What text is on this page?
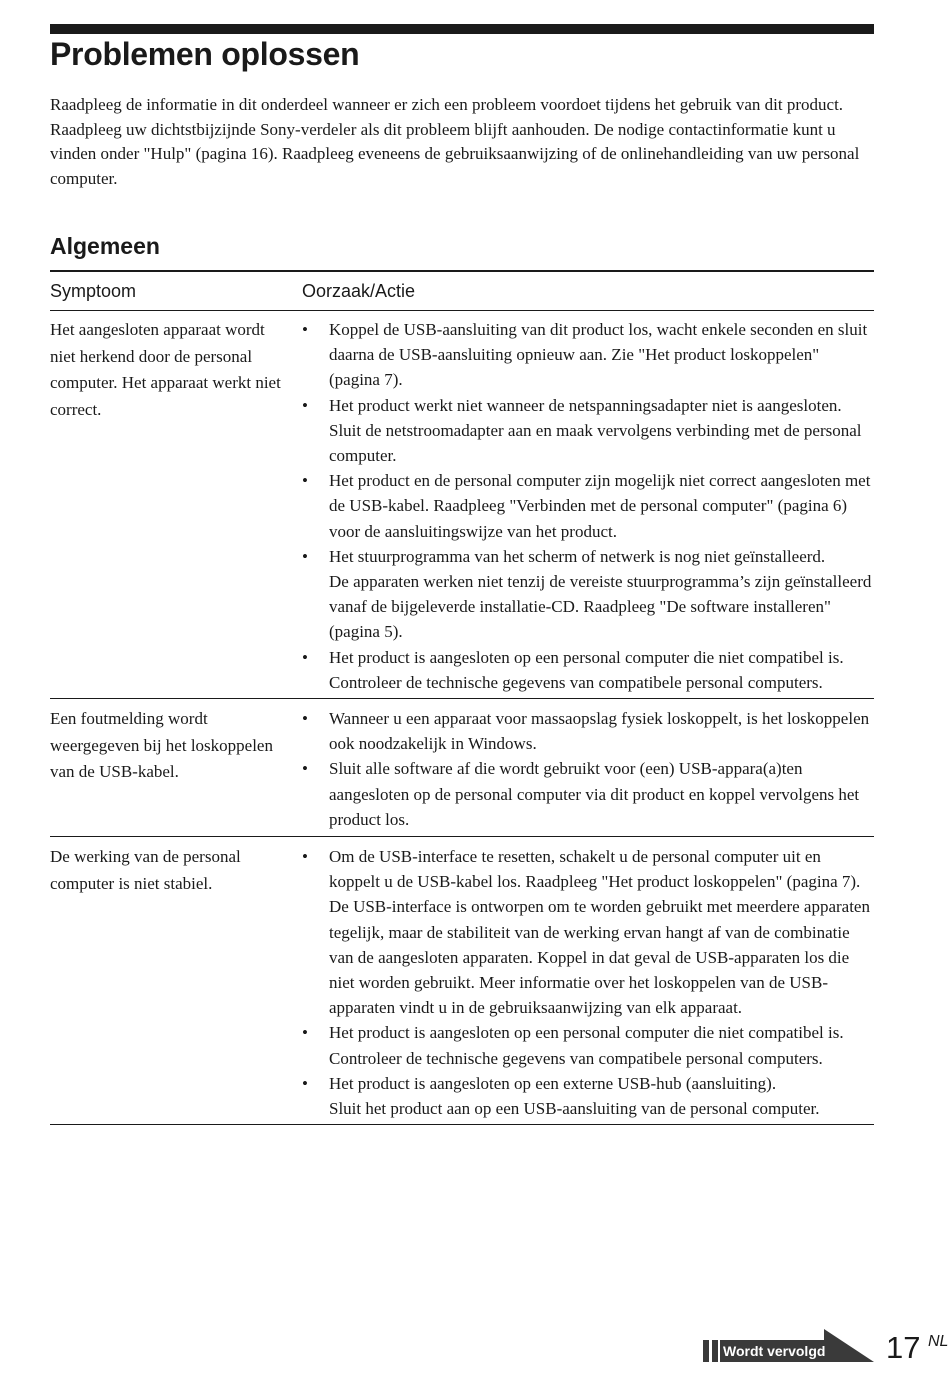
Problemen oplossen

Raadpleeg de informatie in dit onderdeel wanneer er zich een probleem voordoet tijdens het gebruik van dit product. Raadpleeg uw dichtstbijzijnde Sony-verdeler als dit probleem blijft aanhouden. De nodige contactinformatie kunt u vinden onder "Hulp" (pagina 16). Raadpleeg eveneens de gebruiksaanwijzing of de onlinehandleiding van uw personal computer.

Algemeen
Symptoom	Oorzaak/Actie
Het aangesloten apparaat wordt niet herkend door de personal computer. Het apparaat werkt niet correct.
• Koppel de USB-aansluiting van dit product los, wacht enkele seconden en sluit daarna de USB-aansluiting opnieuw aan. Zie "Het product loskoppelen" (pagina 7).
• Het product werkt niet wanneer de netspanningsadapter niet is aangesloten. Sluit de netstroomadapter aan en maak vervolgens verbinding met de personal computer.
• Het product en de personal computer zijn mogelijk niet correct aangesloten met de USB-kabel. Raadpleeg "Verbinden met de personal computer" (pagina 6) voor de aansluitingswijze van het product.
• Het stuurprogramma van het scherm of netwerk is nog niet geïnstalleerd.
De apparaten werken niet tenzij de vereiste stuurprogramma’s zijn geïnstalleerd vanaf de bijgeleverde installatie-CD. Raadpleeg "De software installeren" (pagina 5).
• Het product is aangesloten op een personal computer die niet compatibel is.
Controleer de technische gegevens van compatibele personal computers.
Een foutmelding wordt weergegeven bij het loskoppelen van de USB-kabel.
• Wanneer u een apparaat voor massaopslag fysiek loskoppelt, is het loskoppelen ook noodzakelijk in Windows.
• Sluit alle software af die wordt gebruikt voor (een) USB-appara(a)ten aangesloten op de personal computer via dit product en koppel vervolgens het product los.
De werking van de personal computer is niet stabiel.
• Om de USB-interface te resetten, schakelt u de personal computer uit en koppelt u de USB-kabel los. Raadpleeg "Het product loskoppelen" (pagina 7). De USB-interface is ontworpen om te worden gebruikt met meerdere apparaten tegelijk, maar de stabiliteit van de werking ervan hangt af van de combinatie van de aangesloten apparaten. Koppel in dat geval de USB-apparaten los die niet worden gebruikt. Meer informatie over het loskoppelen van de USB-apparaten vindt u in de gebruiksaanwijzing van elk apparaat.
• Het product is aangesloten op een personal computer die niet compatibel is.
Controleer de technische gegevens van compatibele personal computers.
• Het product is aangesloten op een externe USB-hub (aansluiting).
Sluit het product aan op een USB-aansluiting van de personal computer.
Wordt vervolgd 17 NL
